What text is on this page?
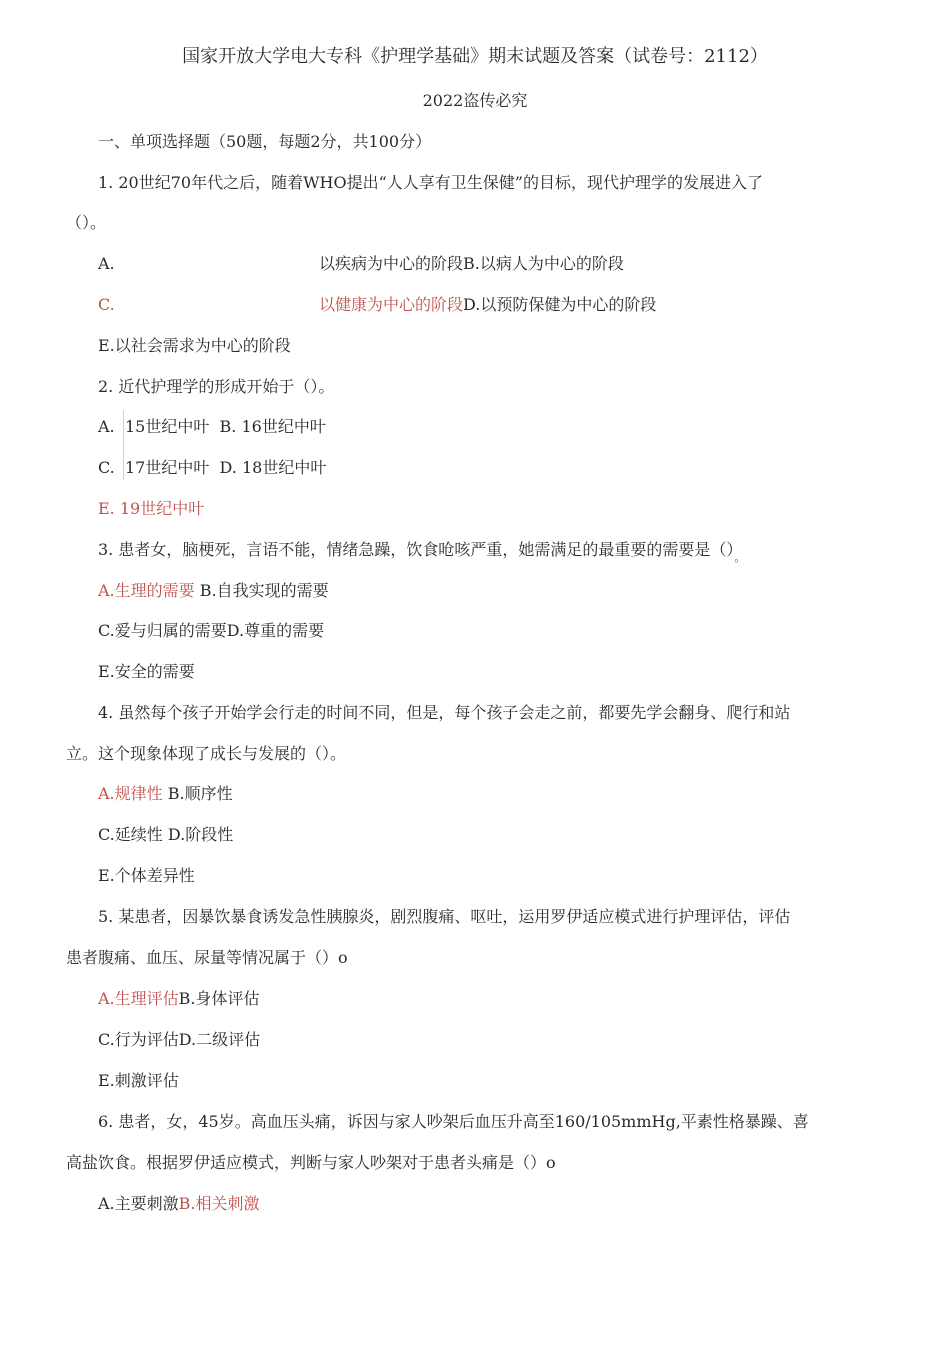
国家开放大学电大专科《护理学基础》期末试题及答案（试卷号：2112）
2022盗传必究
一、单项选择题（50题，每题2分，共100分）
1. 20世纪70年代之后，随着WHO提出“人人享有卫生保健”的目标，现代护理学的发展进入了
（）。
A.	以疾病为中心的阶段B.以病人为中心的阶段
C.	以健康为中心的阶段D.以预防保健为中心的阶段
E.以社会需求为中心的阶段
2. 近代护理学的形成开始于（）。
A. 15世纪中叶 B. 16世纪中叶
C. 17世纪中叶 D. 18世纪中叶
E. 19世纪中叶
3. 患者女，脑梗死，言语不能，情绪急躁，饮食呛咳严重，她需满足的最重要的需要是$()_。$
A.生理的需要 B.自我实现的需要
C.爱与归属的需要D.尊重的需要
E.安全的需要
4. 虽然每个孩子开始学会行走的时间不同，但是，每个孩子会走之前，都要先学会翻身、爬行和站
立。这个现象体现了成长与发展的（）。
A.规律性 B.顺序性
C.延续性 D.阶段性
E.个体差异性
5. 某患者，因暴饮暴食诱发急性胰腺炎，剧烈腹痛、呕吐，运用罗伊适应模式进行护理评估，评估
患者腹痛、血压、尿量等情况属于（）o
A.生理评估B.身体评估
C.行为评估D.二级评估
E.刺激评估
6. 患者，女，45岁。高血压头痛，诉因与家人吵架后血压升高至160/105mmHg,平素性格暴躁、喜
高盐饮食。根据罗伊适应模式，判断与家人吵架对于患者头痛是（）o
A.主要刺激B.相关刺激
